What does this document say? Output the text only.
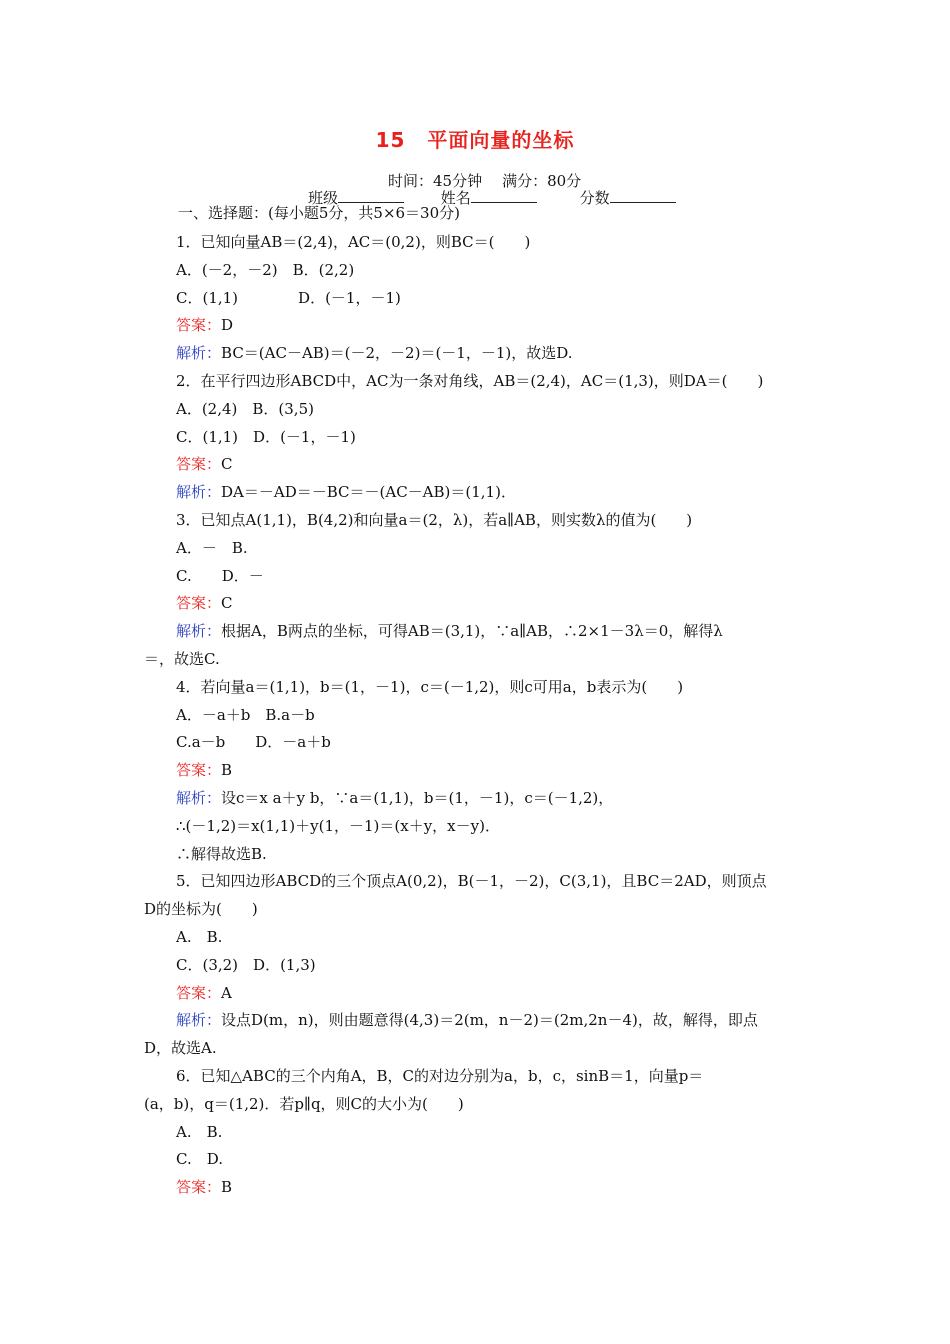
15 平面向量的坐标
时间：45分钟 满分：80分
班级	姓名	分数
一、选择题：(每小题5分，共5×6＝30分)
1．已知向量AB＝(2,4)，AC＝(0,2)，则BC＝(　　)
A．(－2，－2)　B．(2,2)
C．(1,1)　　　　D．(－1，－1)
答案：D
解析：BC＝(AC－AB)＝(－2，－2)＝(－1，－1)，故选D.
2．在平行四边形ABCD中，AC为一条对角线，AB＝(2,4)，AC＝(1,3)，则DA＝(　　)
A．(2,4)　B．(3,5)
C．(1,1)　D．(－1，－1)
答案：C
解析：DA＝－AD＝－BC＝－(AC－AB)＝(1,1)．
3．已知点A(1,1)，B(4,2)和向量a＝(2，λ)，若a∥AB，则实数λ的值为(　　)
A．－　B.
C.　　D．－
答案：C
解析：根据A，B两点的坐标，可得AB＝(3,1)，∵a∥AB，∴2×1－3λ＝0，解得λ
＝，故选C.
4．若向量a＝(1,1)，b＝(1，－1)，c＝(－1,2)，则c可用a，b表示为(　　)
A．－a＋b　B.a－b
C.a－b　　D．－a＋b
答案：B
解析：设c＝x a＋y b，∵a＝(1,1)，b＝(1，－1)，c＝(－1,2)，
∴(－1,2)＝x(1,1)＋y(1，－1)＝(x＋y，x－y)．
∴解得故选B.
5．已知四边形ABCD的三个顶点A(0,2)，B(－1，－2)，C(3,1)，且BC＝2AD，则顶点
D的坐标为(　　)
A.　B.
C．(3,2)　D．(1,3)
答案：A
解析：设点D(m，n)，则由题意得(4,3)＝2(m，n－2)＝(2m,2n－4)，故，解得，即点
D，故选A.
6．已知△ABC的三个内角A，B，C的对边分别为a，b，c，sinB＝1，向量p＝
(a，b)，q＝(1,2)．若p∥q，则C的大小为(　　)
A.　B.
C.　D.
答案：B
